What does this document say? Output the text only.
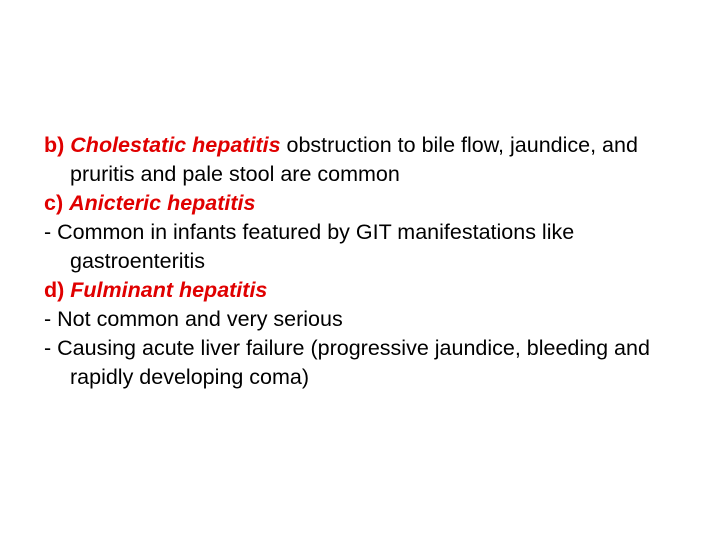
b) Cholestatic hepatitis obstruction to bile flow, jaundice, and pruritis and pale stool are common

c) Anicteric hepatitis

- Common in infants featured by GIT manifestations like gastroenteritis

d) Fulminant hepatitis

- Not common and very serious

- Causing acute liver failure (progressive jaundice, bleeding and rapidly developing coma)
